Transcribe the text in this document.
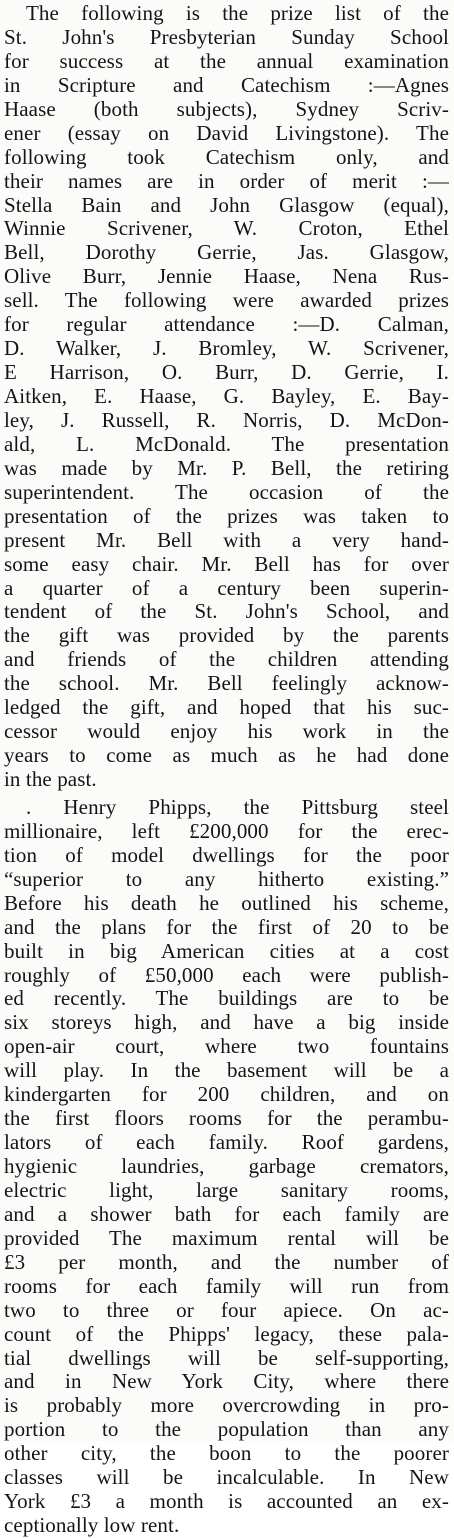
The following is the prize list of the
St. John's Presbyterian Sunday School
for success at the annual examination
in Scripture and Catechism :—Agnes
Haase (both subjects), Sydney Scriv-
ener (essay on David Livingstone). The
following took Catechism only, and
their names are in order of merit :—
Stella Bain and John Glasgow (equal),
Winnie Scrivener, W. Croton, Ethel
Bell, Dorothy Gerrie, Jas. Glasgow,
Olive Burr, Jennie Haase, Nena Rus-
sell. The following were awarded prizes
for regular attendance :—D. Calman,
D. Walker, J. Bromley, W. Scrivener,
E Harrison, O. Burr, D. Gerrie, I.
Aitken, E. Haase, G. Bayley, E. Bay-
ley, J. Russell, R. Norris, D. McDon-
ald, L. McDonald. The presentation
was made by Mr. P. Bell, the retiring
superintendent. The occasion of the
presentation of the prizes was taken to
present Mr. Bell with a very hand-
some easy chair. Mr. Bell has for over
a quarter of a century been superin-
tendent of the St. John's School, and
the gift was provided by the parents
and friends of the children attending
the school. Mr. Bell feelingly acknow-
ledged the gift, and hoped that his suc-
cessor would enjoy his work in the
years to come as much as he had done
in the past.
. Henry Phipps, the Pittsburg steel
millionaire, left £200,000 for the erec-
tion of model dwellings for the poor
“superior to any hitherto existing.”
Before his death he outlined his scheme,
and the plans for the first of 20 to be
built in big American cities at a cost
roughly of £50,000 each were publish-
ed recently. The buildings are to be
six storeys high, and have a big inside
open-air court, where two fountains
will play. In the basement will be a
kindergarten for 200 children, and on
the first floors rooms for the perambu-
lators of each family. Roof gardens,
hygienic laundries, garbage cremators,
electric light, large sanitary rooms,
and a shower bath for each family are
provided The maximum rental will be
£3 per month, and the number of
rooms for each family will run from
two to three or four apiece. On ac-
count of the Phipps' legacy, these pala-
tial dwellings will be self-supporting,
and in New York City, where there
is probably more overcrowding in pro-
portion to the population than any
other city, the boon to the poorer
classes will be incalculable. In New
York £3 a month is accounted an ex-
ceptionally low rent.
